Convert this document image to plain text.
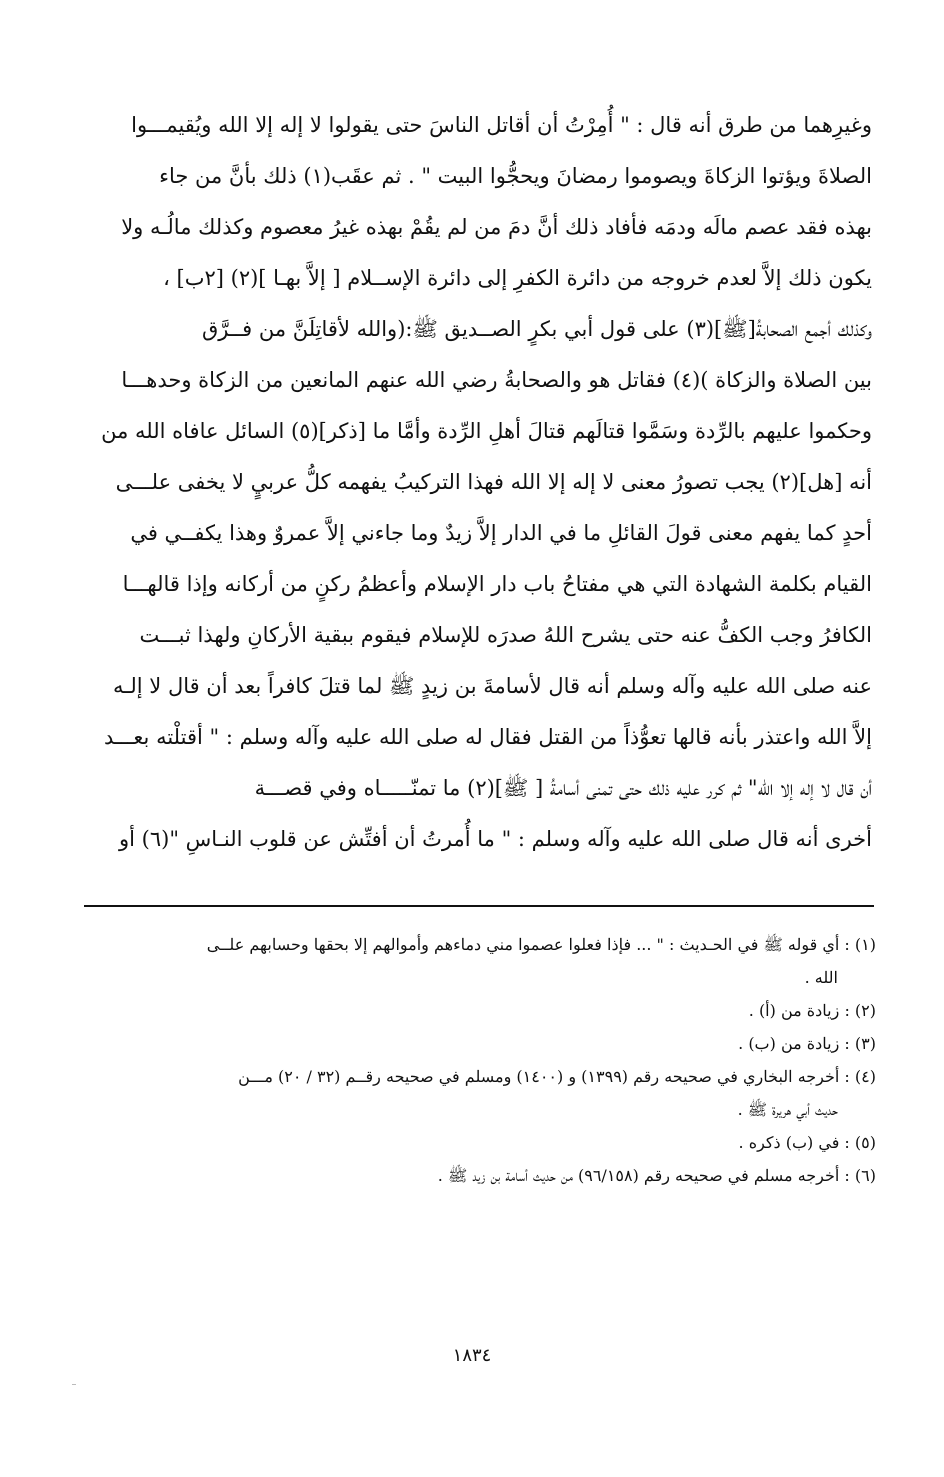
وغيرِهما من طرق أنه قال : " أُمِرْتُ أن أقاتل الناسَ حتى يقولوا لا إله إلا الله ويُقيمـــوا
الصلاةَ ويؤتوا الزكاةَ ويصوموا رمضانَ ويحجُّوا البيت " . ثم عقَب(١) ذلك بأنَّ من جاء
بهذه فقد عصم مالَه ودمَه فأفاد ذلك أنَّ دمَ من لم يقُمْ بهذه غيرُ معصوم وكذلك مالُـه ولا
يكون ذلك إلاَّ لعدم خروجه من دائرة الكفرِ إلى دائرة الإســلام [ إلاَّ بهـا ](٢) [٢ب] ،
وكذلك أجمع الصحابةُ[ﷺ](٣) على قول أبي بكرٍ الصــديق ﷺ:(والله لأقاتِلَنَّ من فــرَّق
بين الصلاة والزكاة )(٤) فقاتل هو والصحابةُ رضي الله عنهم المانعين من الزكاة وحدهـــا
وحكموا عليهم بالرِّدة وسَمَّوا قتالَهم قتالَ أهلِ الرِّدة وأمَّا ما [ذكر](٥) السائل عافاه الله من
أنه [هل](٢) يجب تصورُ معنى لا إله إلا الله فهذا التركيبُ يفهمه كلُّ عربيٍ لا يخفى علـــى
أحدٍ كما يفهم معنى قولَ القائلِ ما في الدار إلاَّ زيدٌ وما جاءني إلاَّ عمروٌ وهذا يكفــي في
القيام بكلمة الشهادة التي هي مفتاحُ باب دار الإسلام وأعظمُ ركنٍ من أركانه وإذا قالهـــا
الكافرُ وجب الكفُّ عنه حتى يشرح اللهُ صدرَه للإسلام فيقوم ببقية الأركانِ ولهذا ثبـــت
عنه صلى الله عليه وآله وسلم أنه قال لأسامةَ بن زيدٍ ﷺ لما قتلَ كافراً بعد أن قال لا إلـه
إلاَّ الله واعتذر بأنه قالها تعوُّذاً من القتل فقال له صلى الله عليه وآله وسلم : " أقتلْته بعـــد
أن قال لا إله إلا الله" ثم كرر عليه ذلك حتى تمنى أسامةُ [ ﷺ](٢) ما تمنّـــــاه وفي قصـــة
أخرى أنه قال صلى الله عليه وآله وسلم : " ما أُمرتُ أن أفتِّش عن قلوب النـاسِ "(٦) أو
(١) : أي قوله ﷺ في الحـديث : " ... فإذا فعلوا عصموا مني دماءهم وأموالهم إلا بحقها وحسابهم علــى
الله .
(٢) : زيادة من (أ) .
(٣) : زيادة من (ب) .
(٤) : أخرجه البخاري في صحيحه رقم (١٣٩٩) و (١٤٠٠) ومسلم في صحيحه رقــم (٣٢ / ٢٠) مـــن
حديث أبي هريرة ﷺ .
(٥) : في (ب) ذكره .
(٦) : أخرجه مسلم في صحيحه رقم (٩٦/١٥٨) من حديث أسامة بن زيد ﷺ .
١٨٣٤
